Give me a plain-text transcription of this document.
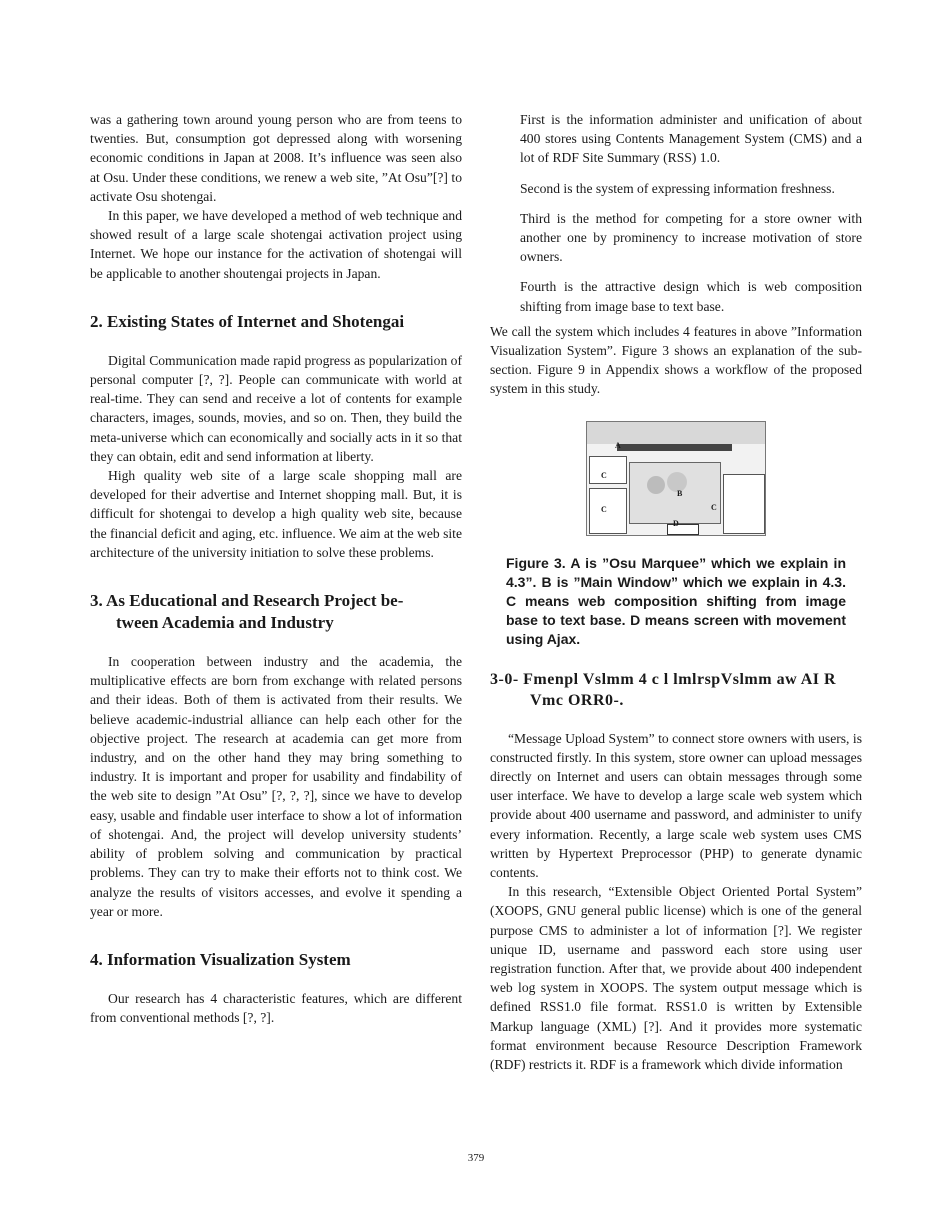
was a gathering town around young person who are from teens to twenties. But, consumption got depressed along with worsening economic conditions in Japan at 2008. It’s influence was seen also at Osu. Under these conditions, we renew a web site, ”At Osu”[?] to activate Osu shotengai.

In this paper, we have developed a method of web technique and showed result of a large scale shotengai activation project using Internet. We hope our instance for the activation of shotengai will be applicable to another shoutengai projects in Japan.

2. Existing States of Internet and Shotengai

Digital Communication made rapid progress as popularization of personal computer [?, ?]. People can communicate with world at real-time. They can send and receive a lot of contents for example characters, images, sounds, movies, and so on. Then, they build the meta-universe which can economically and socially acts in it so that they can obtain, edit and send information at liberty.

High quality web site of a large scale shopping mall are developed for their advertise and Internet shopping mall. But, it is difficult for shotengai to develop a high quality web site, because the financial deficit and aging, etc. influence. We aim at the web site architecture of the university initiation to solve these problems.

3. As Educational and Research Project be-
tween Academia and Industry

In cooperation between industry and the academia, the multiplicative effects are born from exchange with related persons and their ideas. Both of them is activated from their results. We believe academic-industrial alliance can help each other for the objective project. The research at academia can get more from industry, and on the other hand they may bring something to industry. It is important and proper for usability and findability of the web site to design ”At Osu” [?, ?, ?], since we have to develop easy, usable and findable user interface to show a lot of information of shotengai. And, the project will develop university students’ ability of problem solving and communication by practical problems. They can try to make their efforts not to think cost. We analyze the results of visitors accesses, and evolve it spending a year or more.

4. Information Visualization System

Our research has 4 characteristic features, which are different from conventional methods [?, ?].

First is the information administer and unification of about 400 stores using Contents Management System (CMS) and a lot of RDF Site Summary (RSS) 1.0.

Second is the system of expressing information freshness.

Third is the method for competing for a store owner with another one by prominency to increase motivation of store owners.

Fourth is the attractive design which is web composition shifting from image base to text base.

We call the system which includes 4 features in above ”Information Visualization System”. Figure 3 shows an explanation of the sub-section. Figure 9 in Appendix shows a workflow of the proposed system in this study.

A
C
C	C
B
D

Figure 3. A is ”Osu Marquee” which we explain in 4.3”. B is ”Main Window” which we explain in 4.3. C means web composition shifting from image base to text base. D means screen with movement using Ajax.

3-0- Fmenpl Vslmm 4 c l lmlrspVslmm aw AI R
Vmc ORR0-.

“Message Upload System” to connect store owners with users, is constructed firstly. In this system, store owner can upload messages directly on Internet and users can obtain messages through some user interface. We have to develop a large scale web system which provide about 400 username and password, and administer to unify every information. Recently, a large scale web system uses CMS written by Hypertext Preprocessor (PHP) to generate dynamic contents.

In this research, “Extensible Object Oriented Portal System” (XOOPS, GNU general public license) which is one of the general purpose CMS to administer a lot of information [?]. We register unique ID, username and password each store using user registration function. After that, we provide about 400 independent web log system in XOOPS. The system output message which is defined RSS1.0 file format. RSS1.0 is written by Extensible Markup language (XML) [?]. And it provides more systematic format environment because Resource Description Framework (RDF) restricts it. RDF is a framework which divide information

379
